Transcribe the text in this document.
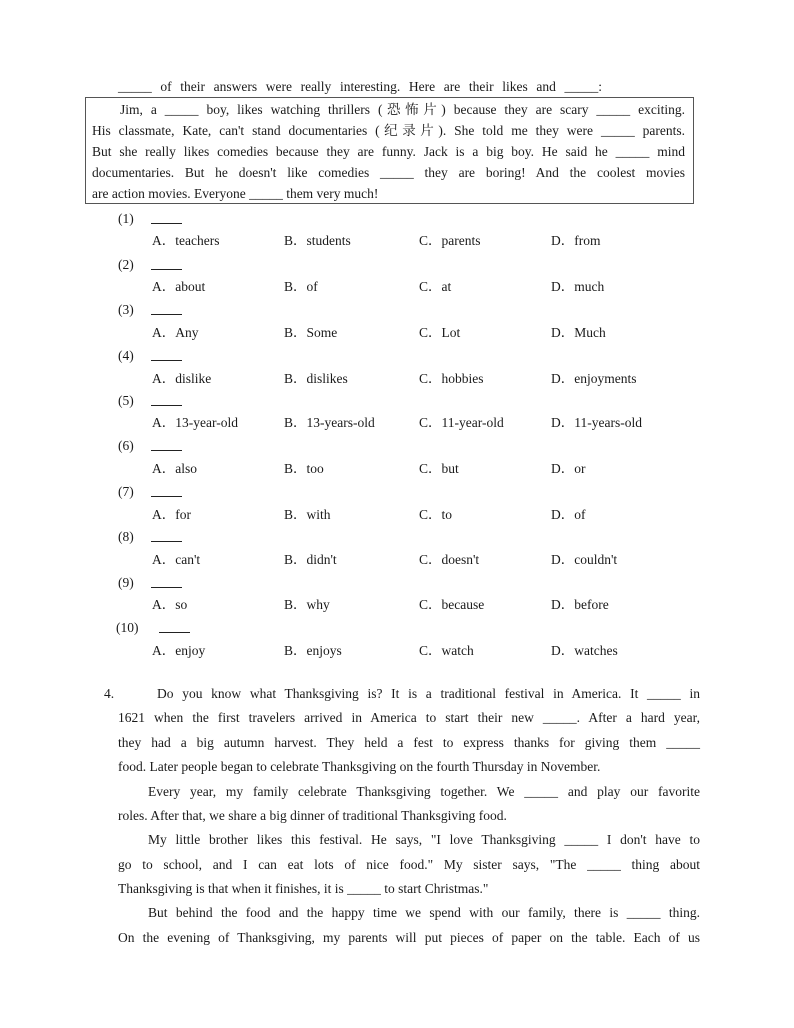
_____ of their answers were really interesting. Here are their likes and _____:
Jim, a _____ boy, likes watching thrillers (恐怖片) because they are scary _____ exciting.
His classmate, Kate, can't stand documentaries (纪录片). She told me they were _____ parents.
But she really likes comedies because they are funny. Jack is a big boy. He said he _____ mind
documentaries. But he doesn't like comedies _____ they are boring! And the coolest movies
are action movies. Everyone _____ them very much!
(1)
A．teachers	B．students	C．parents	D．from
(2)
A．about	B．of	C．at	D．much
(3)
A．Any	B．Some	C．Lot	D．Much
(4)
A．dislike	B．dislikes	C．hobbies	D．enjoyments
(5)
A．13-year-old	B．13-years-old	C．11-year-old	D．11-years-old
(6)
A．also	B．too	C．but	D．or
(7)
A．for	B．with	C．to	D．of
(8)
A．can't	B．didn't	C．doesn't	D．couldn't
(9)
A．so	B．why	C．because	D．before
(10)
A．enjoy	B．enjoys	C．watch	D．watches
4.	Do you know what Thanksgiving is? It is a traditional festival in America. It _____ in
1621 when the first travelers arrived in America to start their new _____. After a hard year,
they had a big autumn harvest. They held a fest to express thanks for giving them _____
food. Later people began to celebrate Thanksgiving on the fourth Thursday in November.
Every year, my family celebrate Thanksgiving together. We _____ and play our favorite
roles. After that, we share a big dinner of traditional Thanksgiving food.
My little brother likes this festival. He says, "I love Thanksgiving _____ I don't have to
go to school, and I can eat lots of nice food." My sister says, "The _____ thing about
Thanksgiving is that when it finishes, it is _____ to start Christmas."
But behind the food and the happy time we spend with our family, there is _____ thing.
On the evening of Thanksgiving, my parents will put pieces of paper on the table. Each of us
